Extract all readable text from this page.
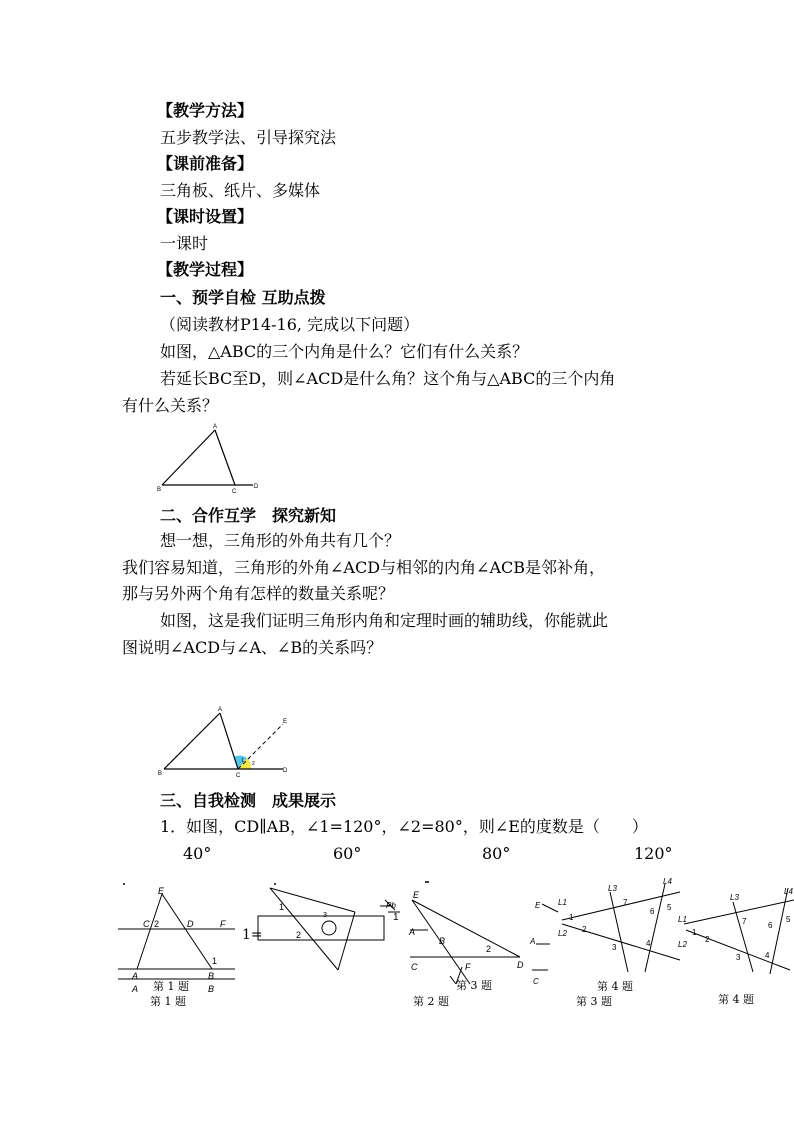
【教学方法】
五步教学法、引导探究法
【课前准备】
三角板、纸片、多媒体
【课时设置】
一课时
【教学过程】
一、预学自检 互助点拨
（阅读教材P14-16, 完成以下问题）
如图，△ABC的三个内角是什么？它们有什么关系？
若延长BC至D，则∠ACD是什么角？这个角与△ABC的三个内角
有什么关系？
A
B	C
D
二、合作互学　探究新知
想一想，三角形的外角共有几个？
我们容易知道，三角形的外角∠ACD与相邻的内角∠ACB是邻补角，
那与另外两个角有怎样的数量关系呢？
如图，这是我们证明三角形内角和定理时画的辅助线，你能就此
图说明∠ACD与∠A、∠B的关系吗？
A
B	C
D
E
1 2
三、自我检测　成果展示
1．如图，CD∥AB，∠1=120°，∠2=80°，则∠E的度数是（　　）
40°	60°	80°	120°
E
C 2	D	F
1
A	B
A	B
第 1 题
第 1 题
1=
1
2
3
Pb
1
E
A
B
C	D
F
2
第 3 题
第 2 题
E
A
C
L1
L2
L3
L4
1
2
3	4
5
6
7
第 4 题
第 3 题
L1
L2
L3
L4
1
2
3	4
5
6
7
第 4 题
